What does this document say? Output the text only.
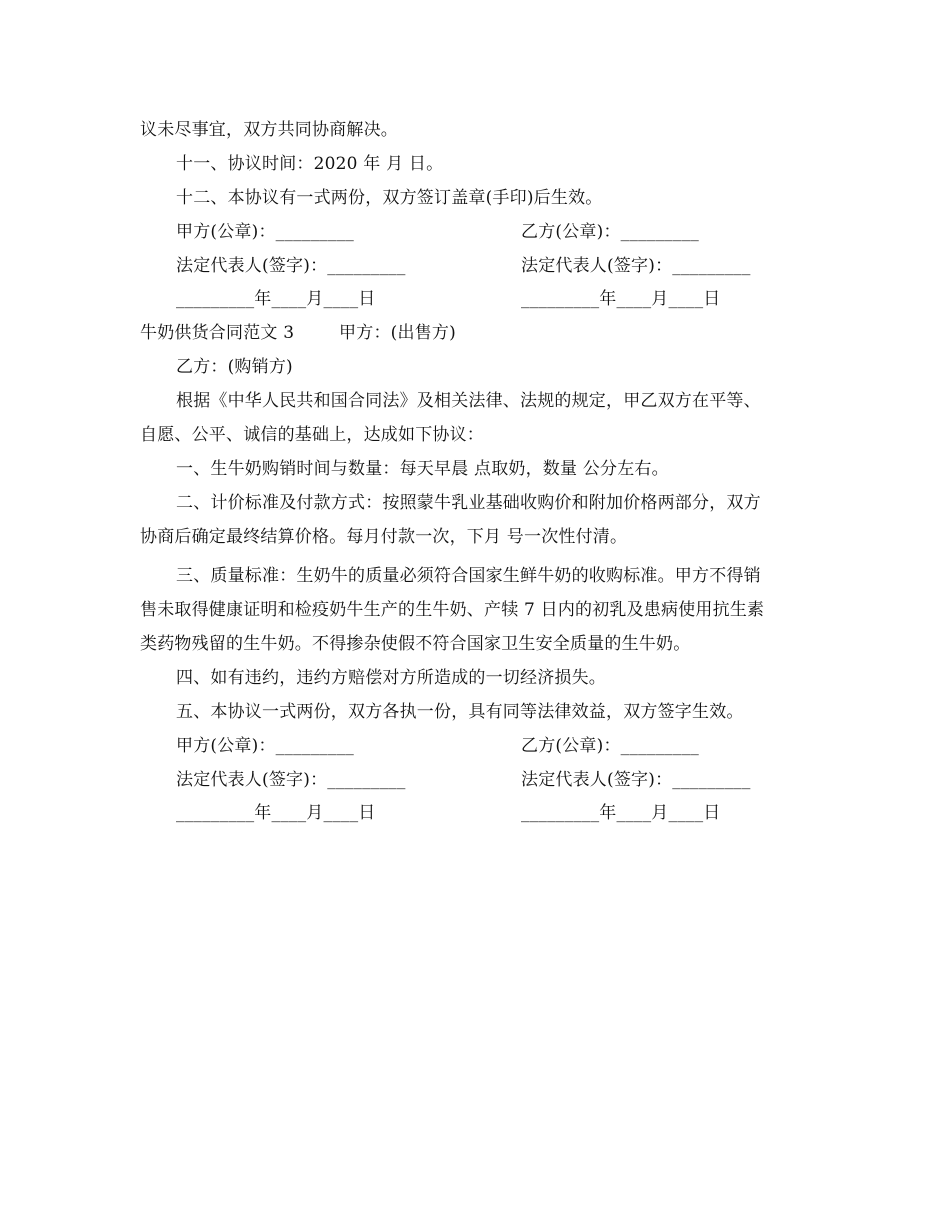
议未尽事宜，双方共同协商解决。
十一、协议时间：2020 年 月 日。
十二、本协议有一式两份，双方签订盖章(手印)后生效。
甲方(公章)：_________	乙方(公章)：_________
法定代表人(签字)：_________	法定代表人(签字)：_________
_________年____月____日	_________年____月____日
牛奶供货合同范文 3        甲方：(出售方)
乙方：(购销方)
根据《中华人民共和国合同法》及相关法律、法规的规定，甲乙双方在平等、
自愿、公平、诚信的基础上，达成如下协议：
一、生牛奶购销时间与数量：每天早晨 点取奶，数量 公分左右。
二、计价标准及付款方式：按照蒙牛乳业基础收购价和附加价格两部分，双方
协商后确定最终结算价格。每月付款一次，下月 号一次性付清。
三、质量标准：生奶牛的质量必须符合国家生鲜牛奶的收购标准。甲方不得销
售未取得健康证明和检疫奶牛生产的生牛奶、产犊 7 日内的初乳及患病使用抗生素
类药物残留的生牛奶。不得掺杂使假不符合国家卫生安全质量的生牛奶。
四、如有违约，违约方赔偿对方所造成的一切经济损失。
五、本协议一式两份，双方各执一份，具有同等法律效益，双方签字生效。
甲方(公章)：_________	乙方(公章)：_________
法定代表人(签字)：_________	法定代表人(签字)：_________
_________年____月____日	_________年____月____日
